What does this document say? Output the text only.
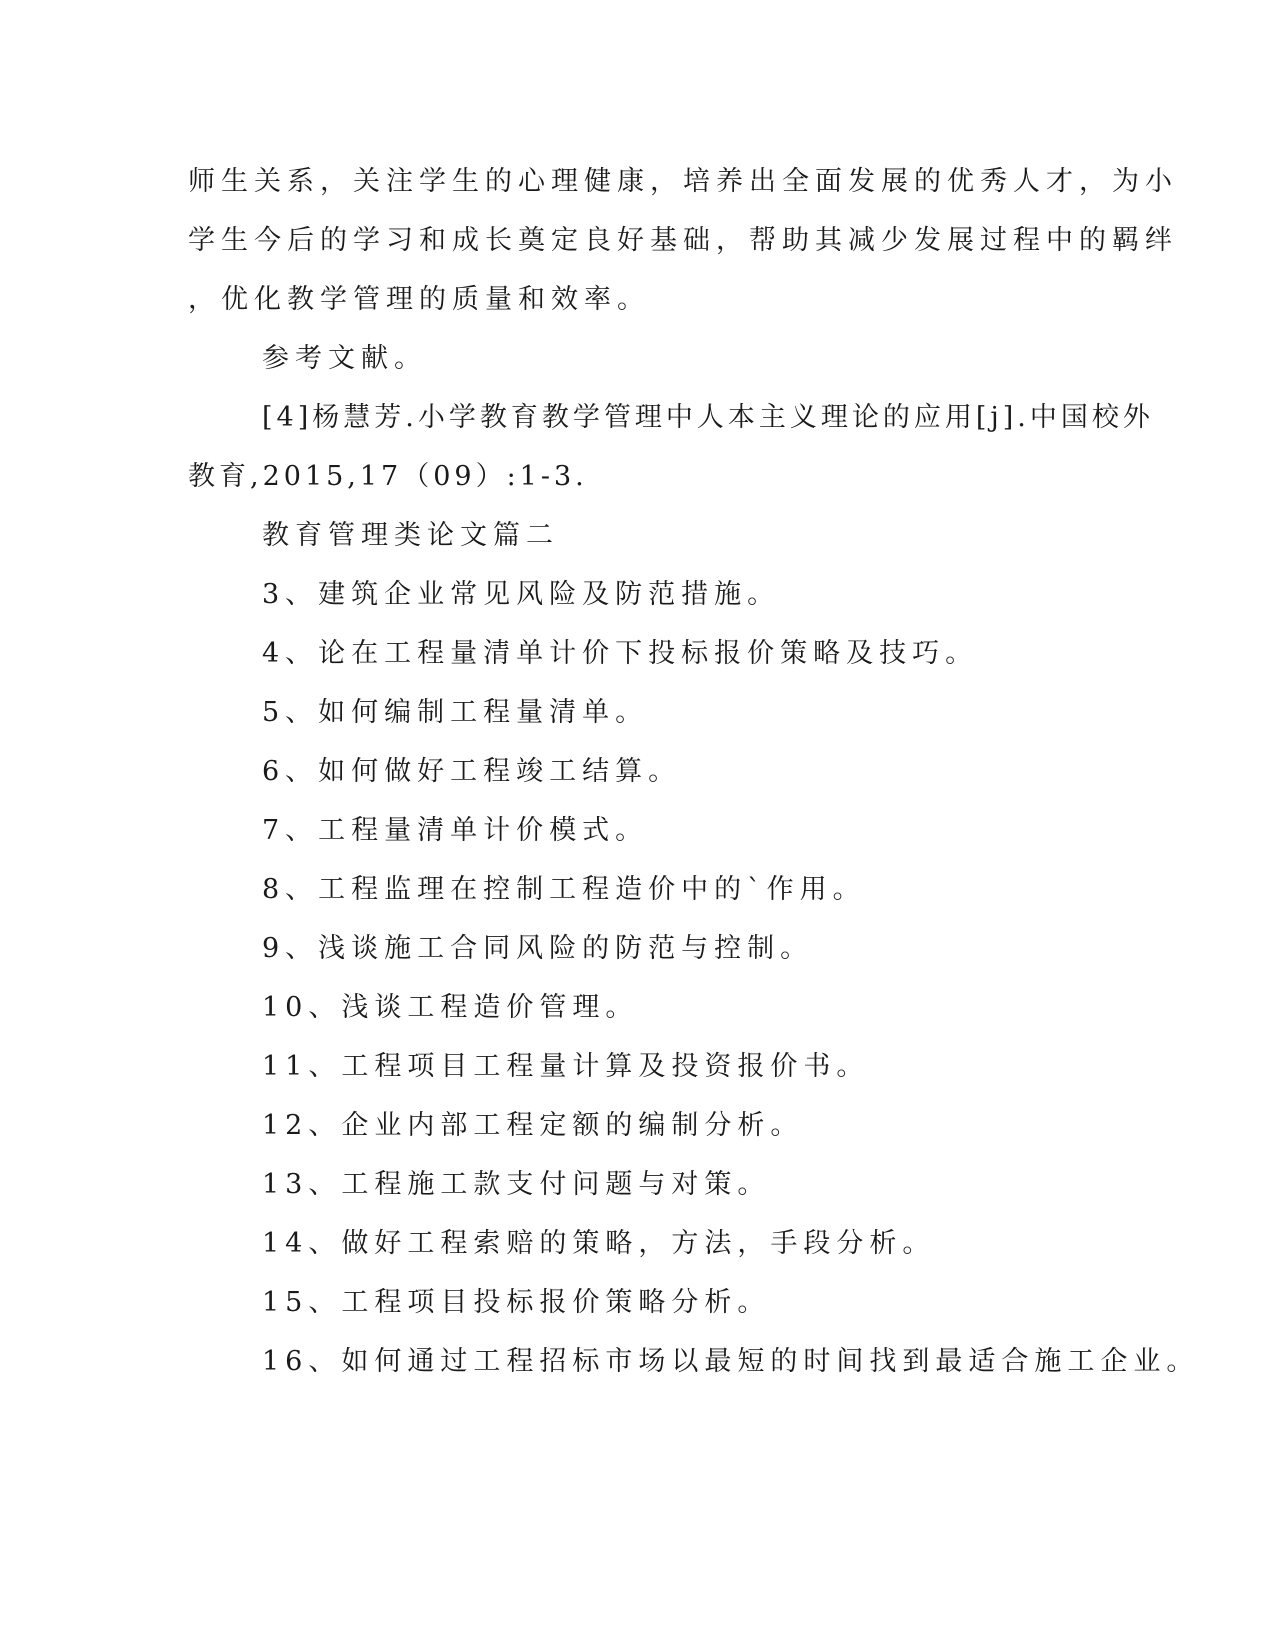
师生关系，关注学生的心理健康，培养出全面发展的优秀人才，为小
学生今后的学习和成长奠定良好基础，帮助其减少发展过程中的羁绊
，优化教学管理的质量和效率。
参考文献。
[4]杨慧芳.小学教育教学管理中人本主义理论的应用[j].中国校外
教育,2015,17（09）:1-3.
教育管理类论文篇二
3、建筑企业常见风险及防范措施。
4、论在工程量清单计价下投标报价策略及技巧。
5、如何编制工程量清单。
6、如何做好工程竣工结算。
7、工程量清单计价模式。
8、工程监理在控制工程造价中的`作用。
9、浅谈施工合同风险的防范与控制。
10、浅谈工程造价管理。
11、工程项目工程量计算及投资报价书。
12、企业内部工程定额的编制分析。
13、工程施工款支付问题与对策。
14、做好工程索赔的策略，方法，手段分析。
15、工程项目投标报价策略分析。
16、如何通过工程招标市场以最短的时间找到最适合施工企业。
